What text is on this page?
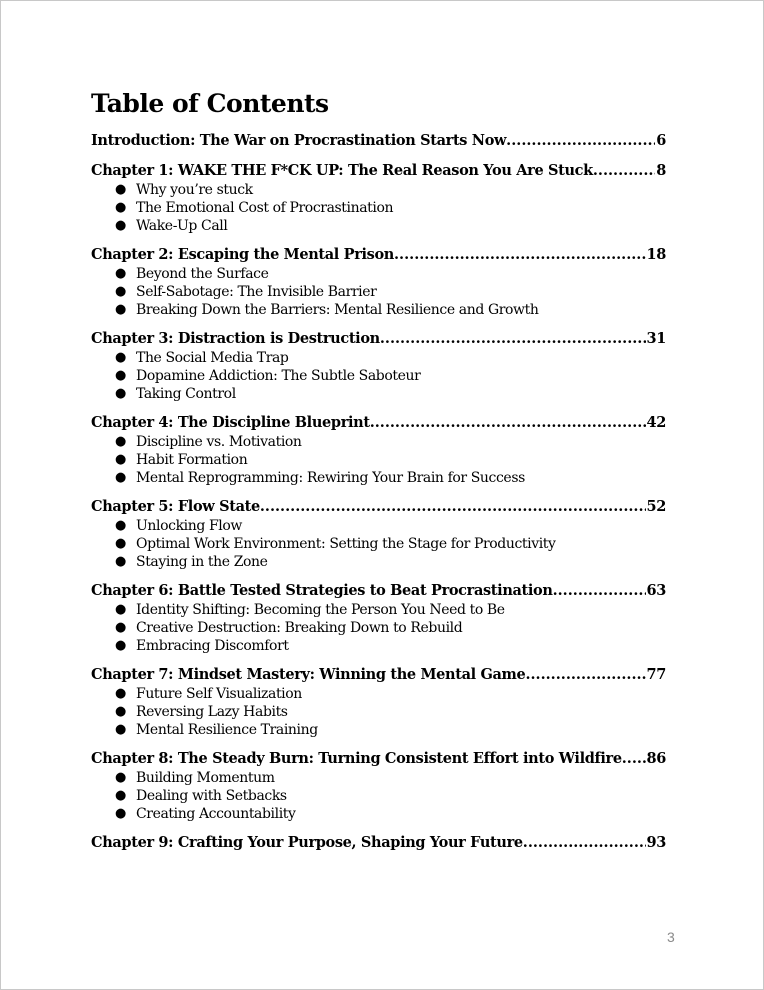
Table of Contents
Introduction: The War on Procrastination Starts Now .....	6
Chapter 1: WAKE THE F*CK UP: The Real Reason You Are Stuck .....	8
● Why you’re stuck
● The Emotional Cost of Procrastination
● Wake-Up Call
Chapter 2: Escaping the Mental Prison .....	18
● Beyond the Surface
● Self-Sabotage: The Invisible Barrier
● Breaking Down the Barriers: Mental Resilience and Growth
Chapter 3: Distraction is Destruction .....	31
● The Social Media Trap
● Dopamine Addiction: The Subtle Saboteur
● Taking Control
Chapter 4: The Discipline Blueprint .....	42
● Discipline vs. Motivation
● Habit Formation
● Mental Reprogramming: Rewiring Your Brain for Success
Chapter 5: Flow State .....	52
● Unlocking Flow
● Optimal Work Environment: Setting the Stage for Productivity
● Staying in the Zone
Chapter 6: Battle Tested Strategies to Beat Procrastination .....	63
● Identity Shifting: Becoming the Person You Need to Be
● Creative Destruction: Breaking Down to Rebuild
● Embracing Discomfort
Chapter 7: Mindset Mastery: Winning the Mental Game .....	77
● Future Self Visualization
● Reversing Lazy Habits
● Mental Resilience Training
Chapter 8: The Steady Burn: Turning Consistent Effort into Wildfire ..... 86
● Building Momentum
● Dealing with Setbacks
● Creating Accountability
Chapter 9: Crafting Your Purpose, Shaping Your Future .....	93
3
